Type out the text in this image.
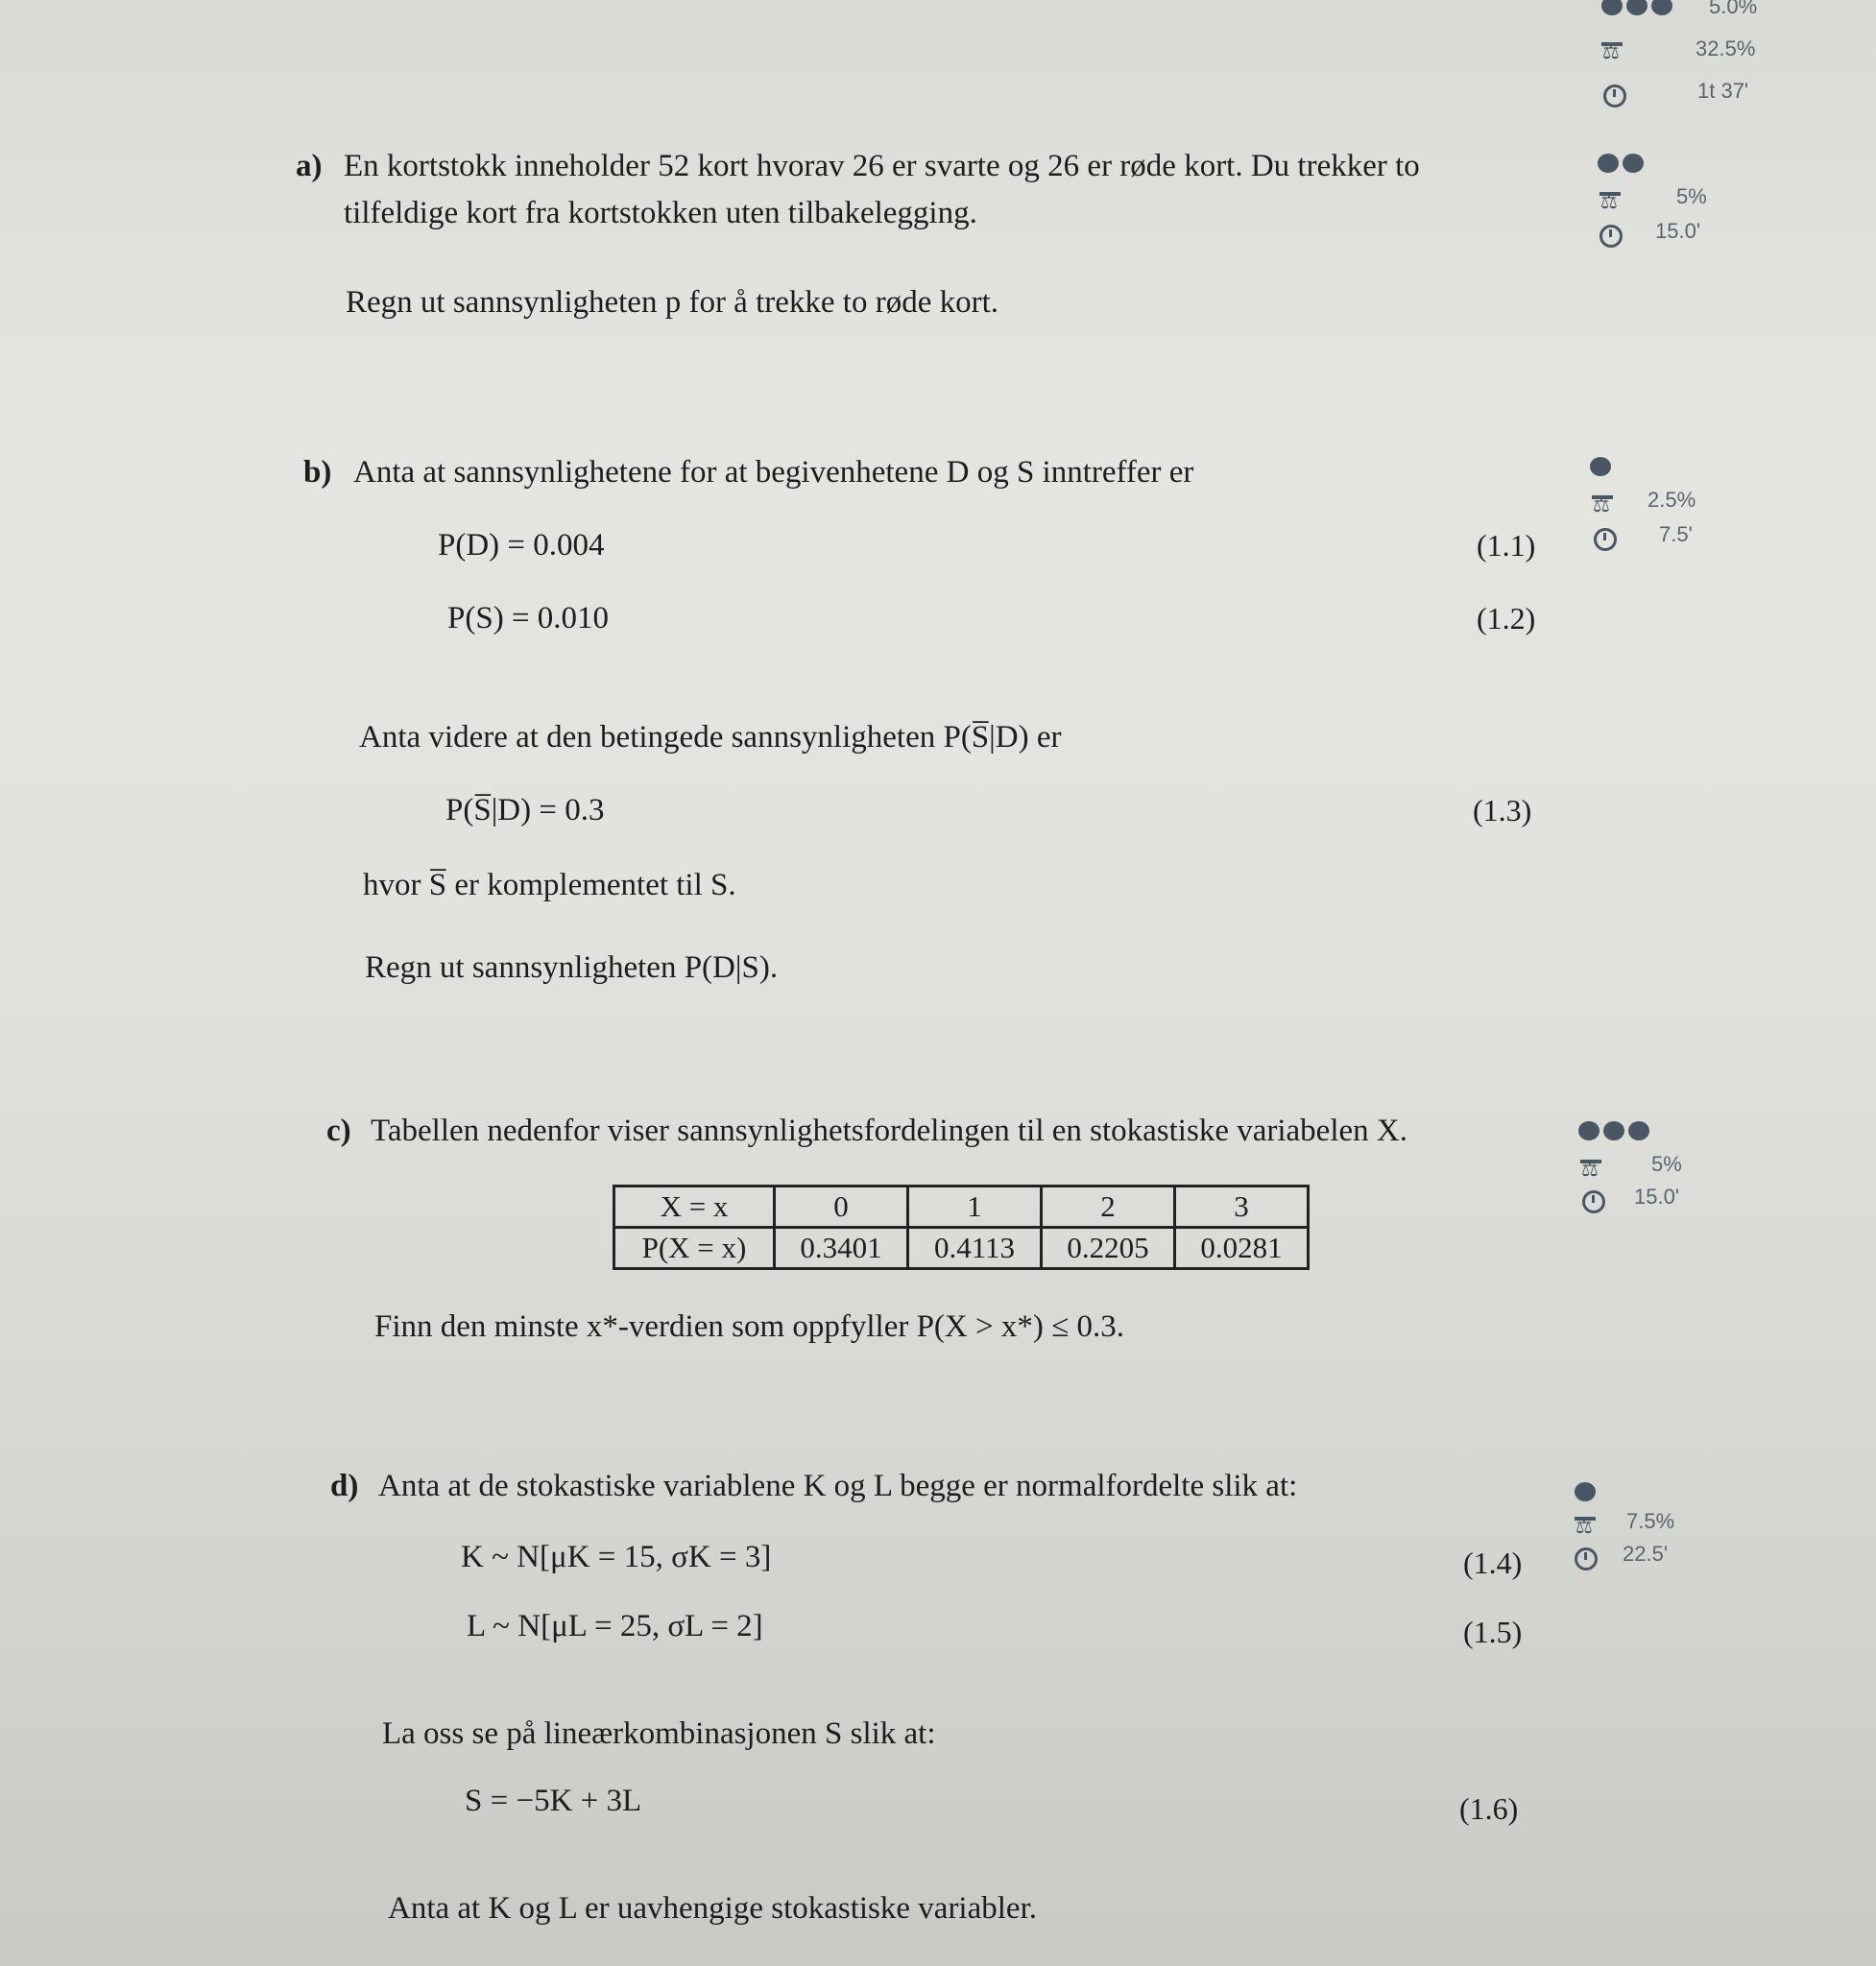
5.0%
⚖
32.5%
1t 37'
a) En kortstokk inneholder 52 kort hvorav 26 er svarte og 26 er røde kort. Du trekker to
tilfeldige kort fra kortstokken uten tilbakelegging.
Regn ut sannsynligheten p for å trekke to røde kort.
⚖
5%
15.0'
b) Anta at sannsynlighetene for at begivenhetene D og S inntreffer er
P(D) = 0.004	(1.1)
P(S) = 0.010	(1.2)
Anta videre at den betingede sannsynligheten P(S̅|D) er
P(S̅|D) = 0.3	(1.3)
hvor S̅ er komplementet til S.
Regn ut sannsynligheten P(D|S).
⚖
2.5%
7.5'
c) Tabellen nedenfor viser sannsynlighetsfordelingen til en stokastiske variabelen X.
X = x	0	1	2	3
P(X = x)	0.3401	0.4113	0.2205	0.0281
Finn den minste x*-verdien som oppfyller P(X > x*) ≤ 0.3.
⚖
5%
15.0'
d) Anta at de stokastiske variablene K og L begge er normalfordelte slik at:
K ~ N[μK = 15, σK = 3]	(1.4)
L ~ N[μL = 25, σL = 2]	(1.5)
La oss se på lineærkombinasjonen S slik at:
S = −5K + 3L	(1.6)
Anta at K og L er uavhengige stokastiske variabler.
⚖
7.5%
22.5'
